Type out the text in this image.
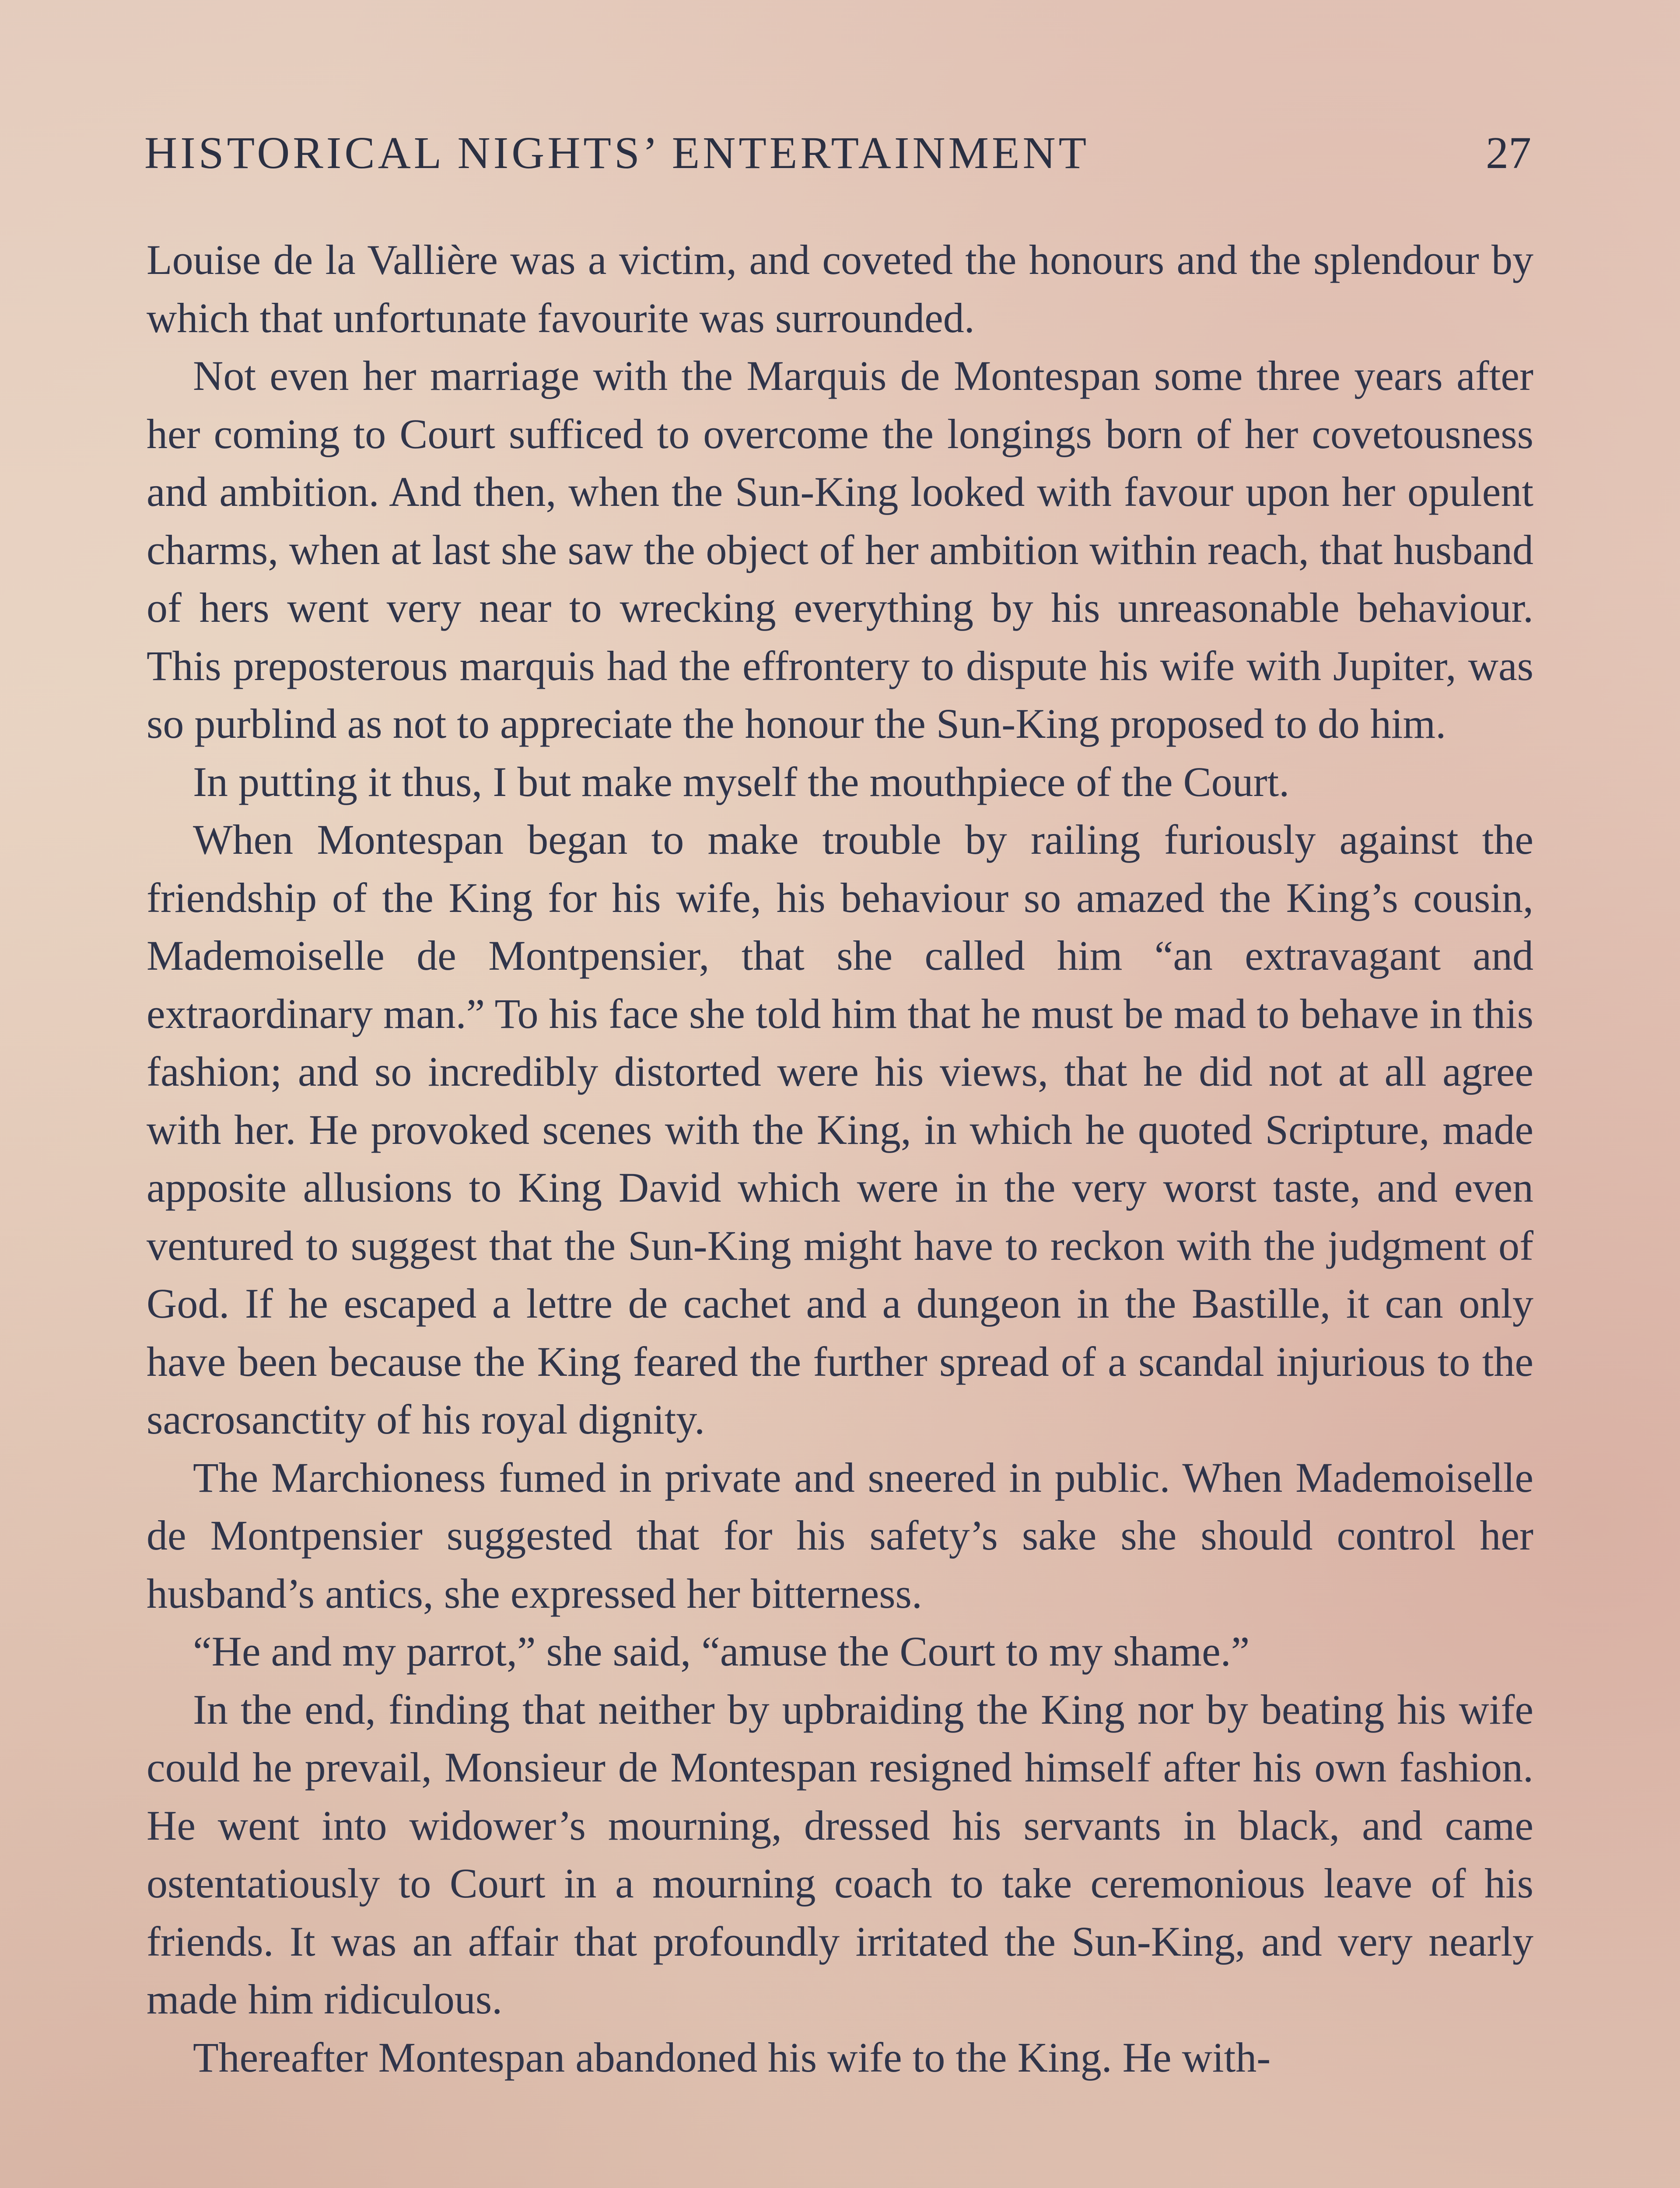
HISTORICAL NIGHTS’ ENTERTAINMENT	27

Louise de la Vallière was a victim, and coveted the honours and the splendour by which that unfortunate favourite was surrounded.

Not even her marriage with the Marquis de Montespan some three years after her coming to Court sufficed to overcome the longings born of her covetousness and ambition. And then, when the Sun-King looked with favour upon her opulent charms, when at last she saw the object of her ambition within reach, that husband of hers went very near to wrecking everything by his unreasonable behaviour. This preposterous marquis had the effrontery to dispute his wife with Jupiter, was so purblind as not to appreciate the honour the Sun-King proposed to do him.

In putting it thus, I but make myself the mouthpiece of the Court.

When Montespan began to make trouble by railing furiously against the friendship of the King for his wife, his behaviour so amazed the King’s cousin, Mademoiselle de Montpensier, that she called him “an extravagant and extraordinary man.” To his face she told him that he must be mad to behave in this fashion; and so incredibly distorted were his views, that he did not at all agree with her. He provoked scenes with the King, in which he quoted Scripture, made apposite allusions to King David which were in the very worst taste, and even ventured to suggest that the Sun-King might have to reckon with the judgment of God. If he escaped a lettre de cachet and a dungeon in the Bastille, it can only have been because the King feared the further spread of a scandal injurious to the sacrosanctity of his royal dignity.

The Marchioness fumed in private and sneered in public. When Mademoiselle de Montpensier suggested that for his safety’s sake she should control her husband’s antics, she expressed her bitterness.

“He and my parrot,” she said, “amuse the Court to my shame.”

In the end, finding that neither by upbraiding the King nor by beating his wife could he prevail, Monsieur de Montespan resigned himself after his own fashion. He went into widower’s mourning, dressed his servants in black, and came ostentatiously to Court in a mourning coach to take ceremonious leave of his friends. It was an affair that profoundly irritated the Sun-King, and very nearly made him ridiculous.

Thereafter Montespan abandoned his wife to the King. He with-
